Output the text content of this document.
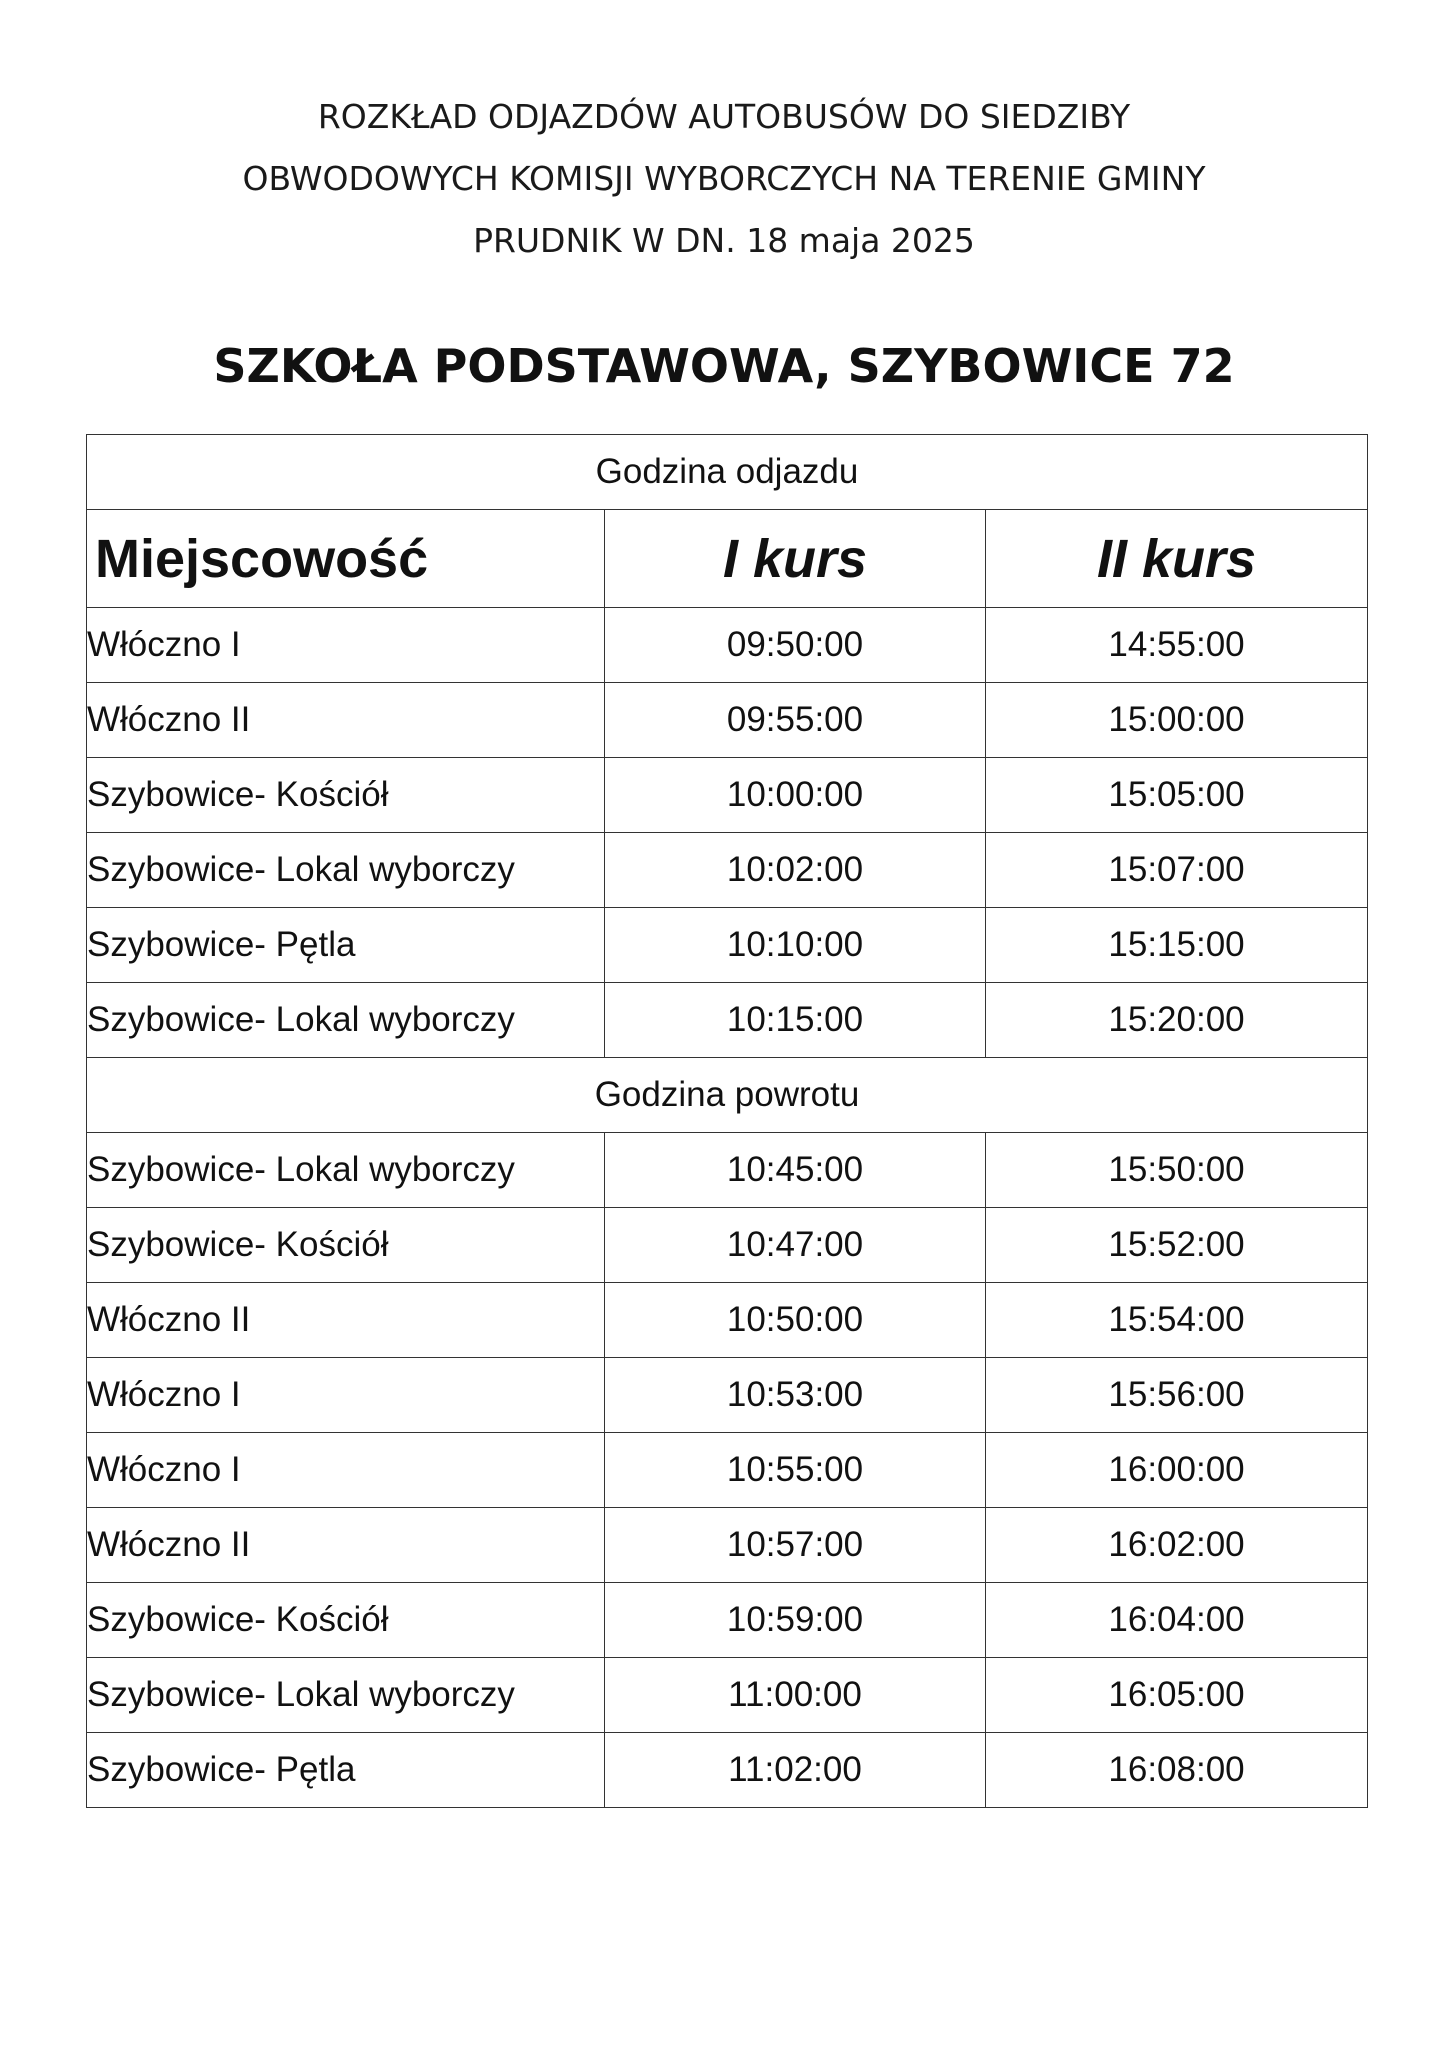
ROZKŁAD ODJAZDÓW AUTOBUSÓW DO SIEDZIBY
OBWODOWYCH KOMISJI WYBORCZYCH NA TERENIE GMINY
PRUDNIK W DN. 18 maja 2025
SZKOŁA PODSTAWOWA, SZYBOWICE 72
Godzina odjazdu		
Miejscowość	I kurs	II kurs
Włóczno I	09:50:00	14:55:00
Włóczno II	09:55:00	15:00:00
Szybowice- Kościół	10:00:00	15:05:00
Szybowice- Lokal wyborczy	10:02:00	15:07:00
Szybowice- Pętla	10:10:00	15:15:00
Szybowice- Lokal wyborczy	10:15:00	15:20:00
Godzina powrotu		
Szybowice- Lokal wyborczy	10:45:00	15:50:00
Szybowice- Kościół	10:47:00	15:52:00
Włóczno II	10:50:00	15:54:00
Włóczno I	10:53:00	15:56:00
Włóczno I	10:55:00	16:00:00
Włóczno II	10:57:00	16:02:00
Szybowice- Kościół	10:59:00	16:04:00
Szybowice- Lokal wyborczy	11:00:00	16:05:00
Szybowice- Pętla	11:02:00	16:08:00
